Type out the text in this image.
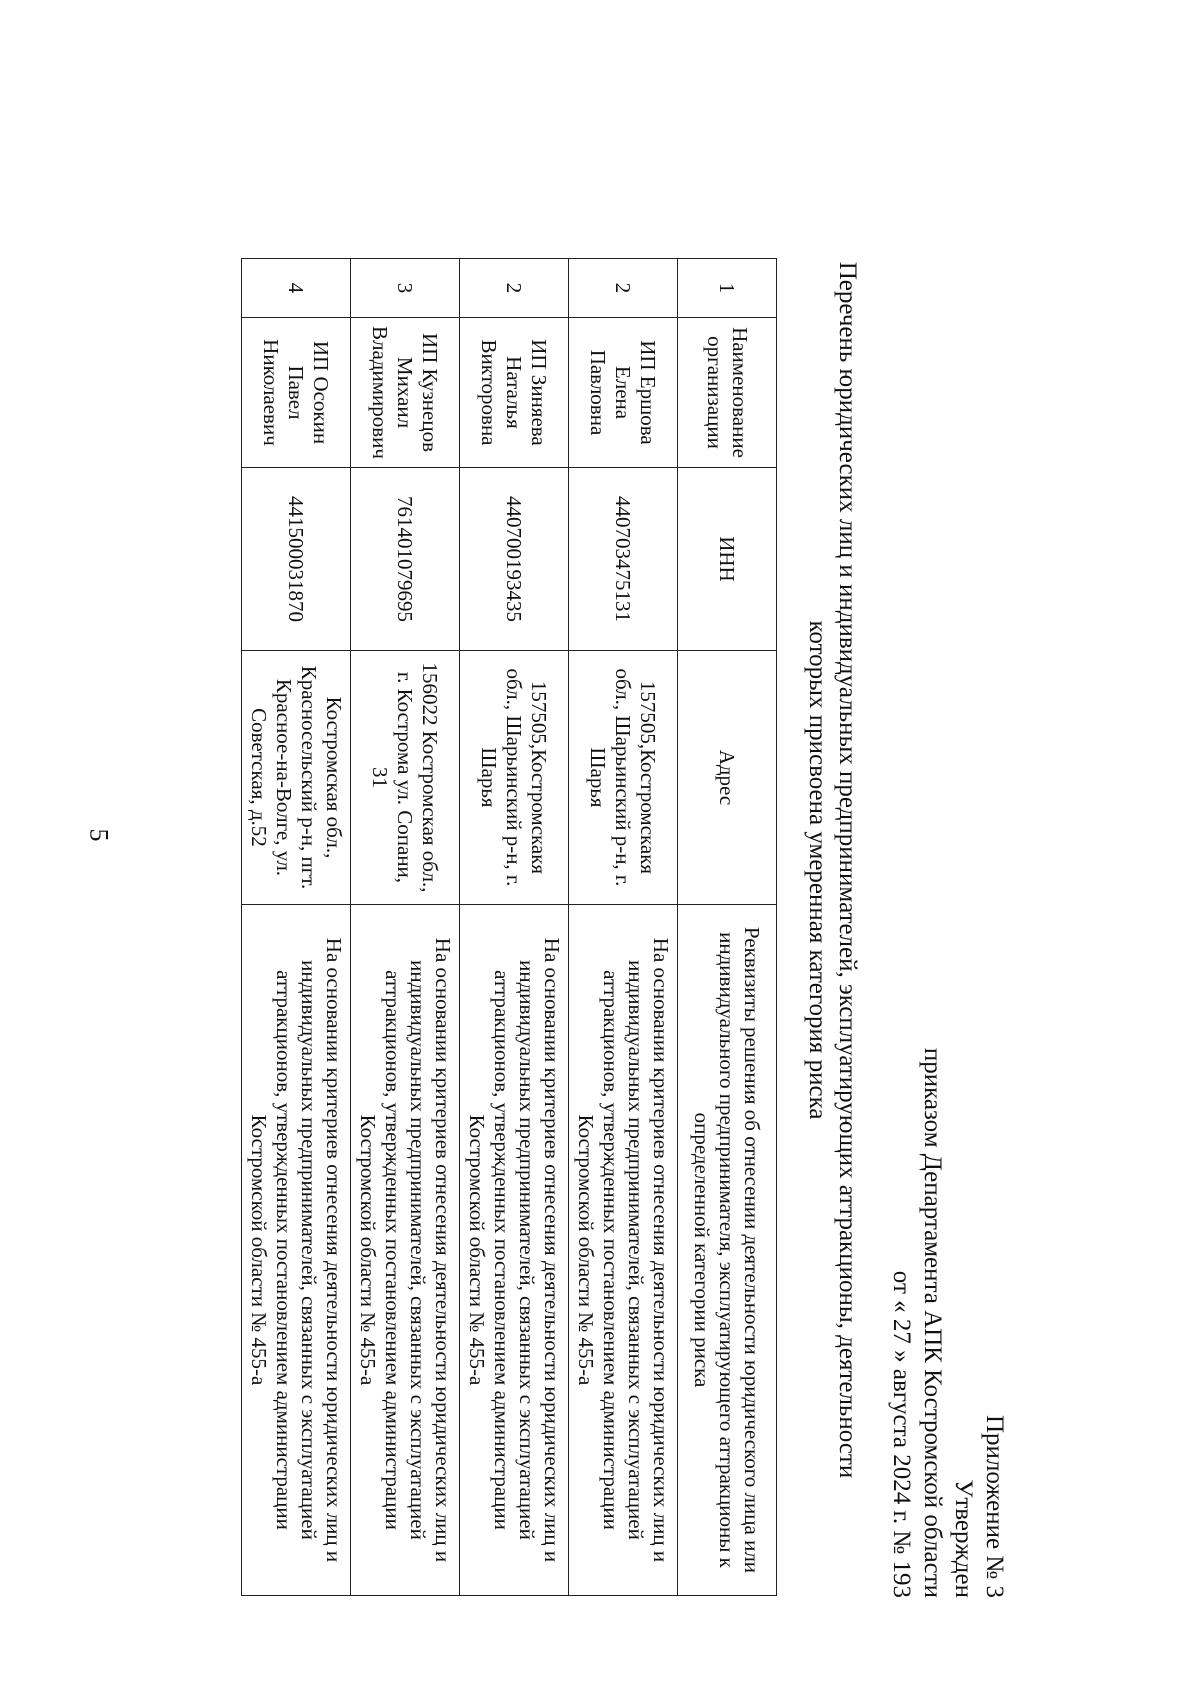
5
Приложение № 3
Утвержден
приказом Департамента АПК Костромской области
от « 27 » августа 2024 г. № 193
Перечень юридических лиц и индивидуальных предпринимателей, эксплуатирующих аттракционы, деятельности
которых присвоена умеренная категория риска
1	Наименование организации	ИНН	Адрес	Реквизиты решения об отнесении деятельности юридического лица или индивидуального предпринимателя, эксплуатирующего аттракционы к определенной категории риска
2	ИП Ершова Елена Павловна	440703475131	157505,Костромскакя обл., Шарьинский р-н, г. Шарья	На основании критериев отнесения деятельности юридических лиц и индивидуальных предпринимателей, связанных с эксплуатацией аттракционов, утвержденных постановлением администрации Костромской области № 455-а
2	ИП Зиняева Наталья Викторовна	440700193435	157505,Костромскакя обл., Шарьинский р-н, г. Шарья	На основании критериев отнесения деятельности юридических лиц и индивидуальных предпринимателей, связанных с эксплуатацией аттракционов, утвержденных постановлением администрации Костромской области № 455-а
3	ИП Кузнецов Михаил Владимирович	761401079695	156022 Костромская обл., г. Кострома ул. Сопани, 31	На основании критериев отнесения деятельности юридических лиц и индивидуальных предпринимателей, связанных с эксплуатацией аттракционов, утвержденных постановлением администрации Костромской области № 455-а
4	ИП Осокин Павел Николаевич	441500031870	Костромская обл., Красносельский р-н, пгт. Красное-на-Волге, ул. Советская, д.52	На основании критериев отнесения деятельности юридических лиц и индивидуальных предпринимателей, связанных с эксплуатацией аттракционов, утвержденных постановлением администрации Костромской области № 455-а
